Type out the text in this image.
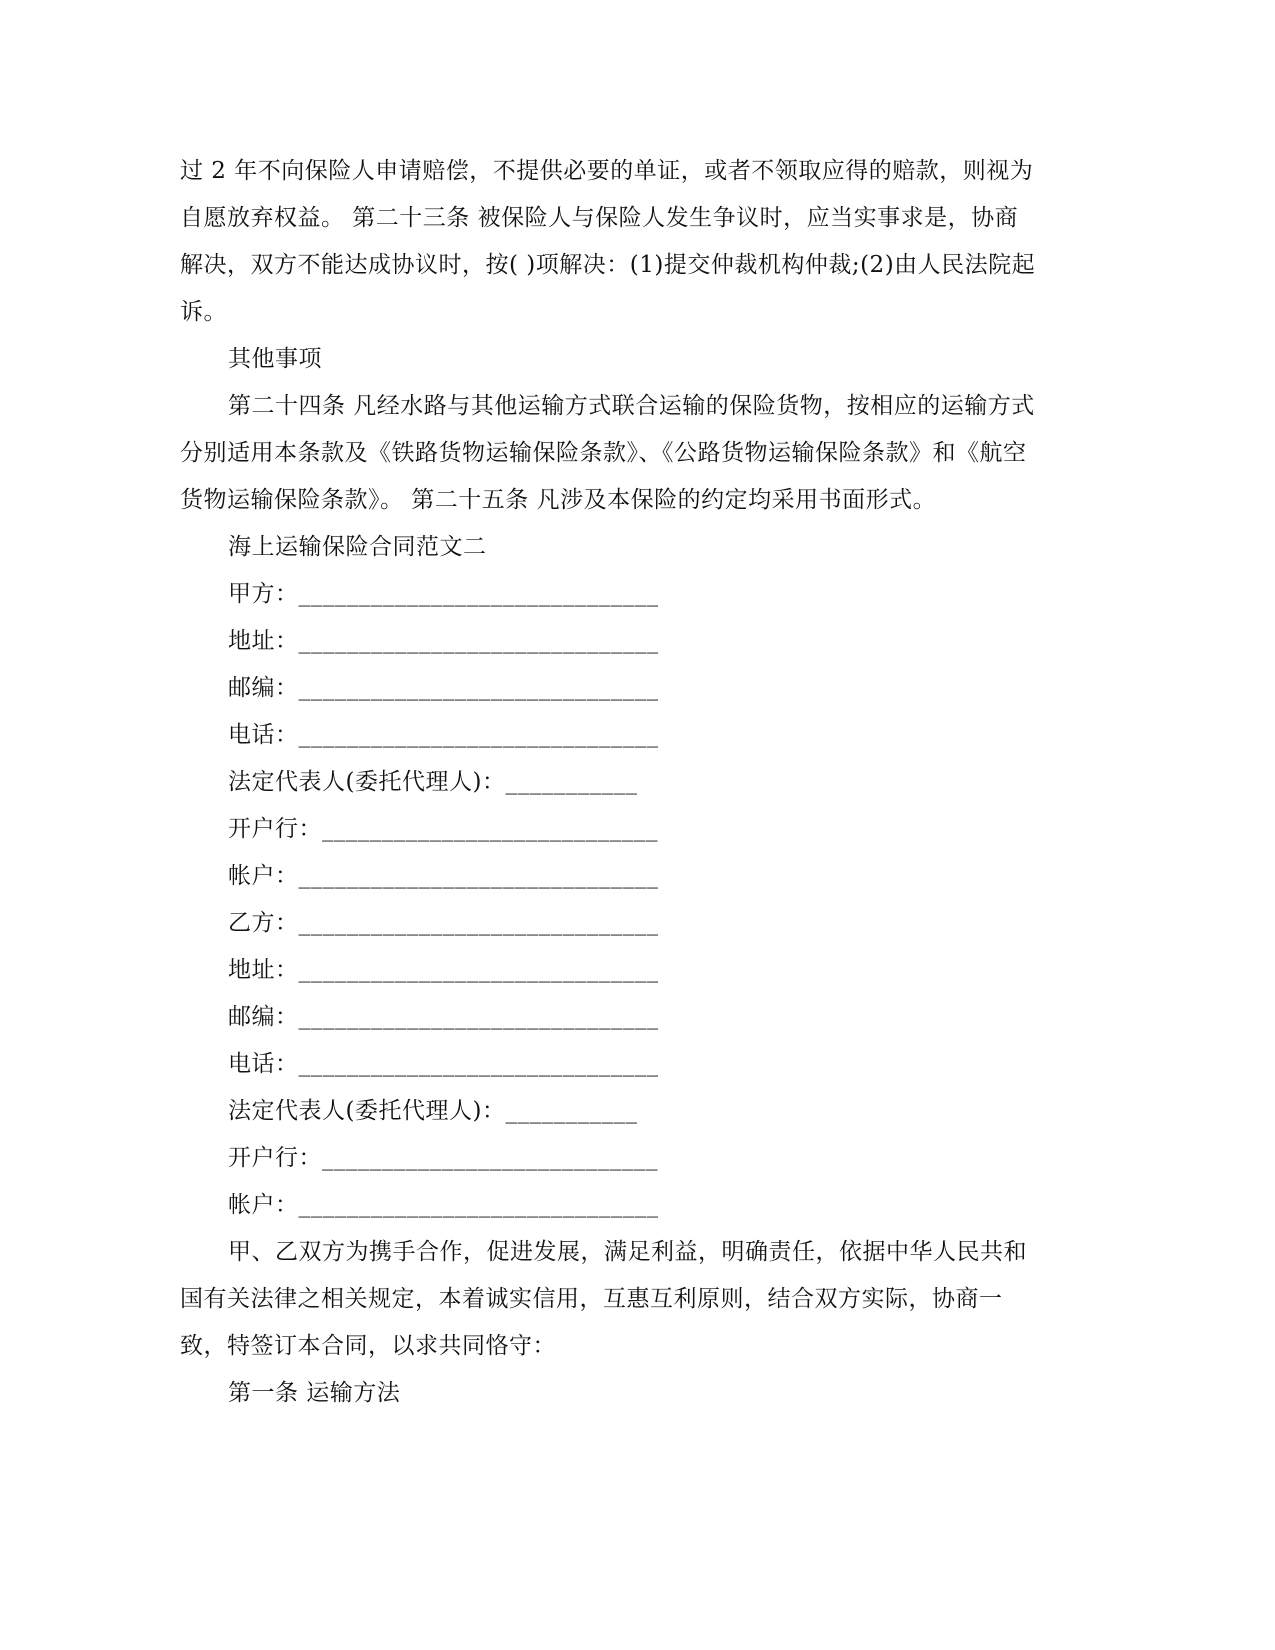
过 2 年不向保险人申请赔偿，不提供必要的单证，或者不领取应得的赔款，则视为自愿放弃权益。 第二十三条 被保险人与保险人发生争议时，应当实事求是，协商解决，双方不能达成协议时，按( )项解决：(1)提交仲裁机构仲裁;(2)由人民法院起诉。

其他事项

第二十四条 凡经水路与其他运输方式联合运输的保险货物，按相应的运输方式分别适用本条款及《铁路货物运输保险条款》、《公路货物运输保险条款》和《航空货物运输保险条款》。 第二十五条 凡涉及本保险的约定均采用书面形式。

海上运输保险合同范文二

甲方：______________________________

地址：______________________________

邮编：______________________________

电话：______________________________

法定代表人(委托代理人)：___________

开户行：____________________________

帐户：______________________________

乙方：______________________________

地址：______________________________

邮编：______________________________

电话：______________________________

法定代表人(委托代理人)：___________

开户行：____________________________

帐户：______________________________

甲、乙双方为携手合作，促进发展，满足利益，明确责任，依据中华人民共和国有关法律之相关规定，本着诚实信用，互惠互利原则，结合双方实际，协商一致，特签订本合同，以求共同恪守：

第一条 运输方法
